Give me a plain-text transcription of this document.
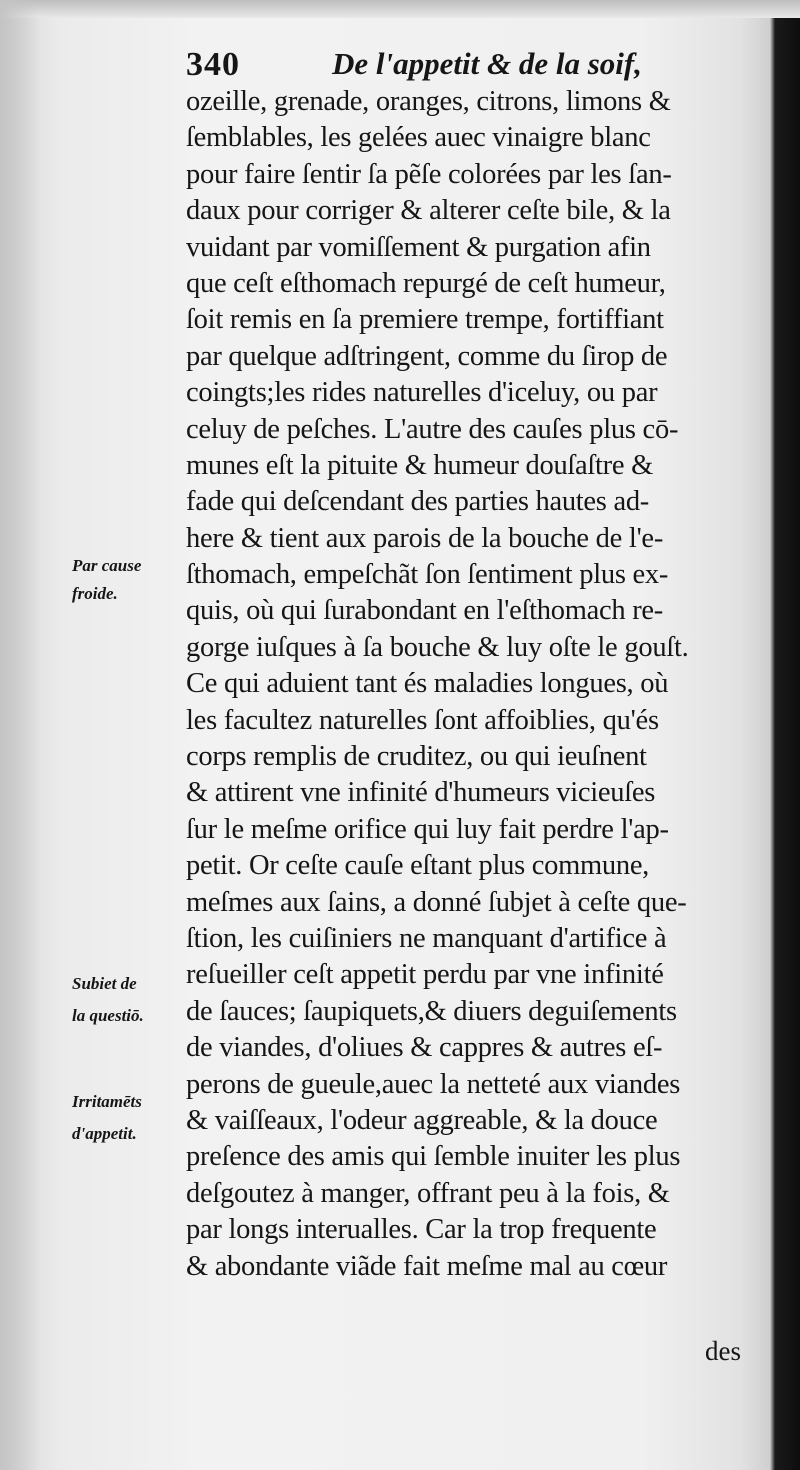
340	De l'appetit & de la soif,
Par cause
froide.
Subiet de
la questiō.
Irritamēts
d'appetit.
ozeille, grenade, oranges, citrons, limons &
ſemblables, les gelées auec vinaigre blanc
pour faire ſentir ſa pẽſe colorées par les ſan-
daux pour corriger & alterer ceſte bile, & la
vuidant par vomiſſement & purgation afin
que ceſt eſthomach repurgé de ceſt humeur,
ſoit remis en ſa premiere trempe, fortiffiant
par quelque adſtringent, comme du ſirop de
coingts;les rides naturelles d'iceluy, ou par
celuy de peſches. L'autre des cauſes plus cō-
munes eſt la pituite & humeur douſaſtre &
fade qui deſcendant des parties hautes ad-
here & tient aux parois de la bouche de l'e-
ſthomach, empeſchãt ſon ſentiment plus ex-
quis, où qui ſurabondant en l'eſthomach re-
gorge iuſques à ſa bouche & luy oſte le gouſt.
Ce qui aduient tant és maladies longues, où
les facultez naturelles ſont affoiblies, qu'és
corps remplis de cruditez, ou qui ieuſnent
& attirent vne infinité d'humeurs vicieuſes
ſur le meſme orifice qui luy fait perdre l'ap-
petit. Or ceſte cauſe eſtant plus commune,
meſmes aux ſains, a donné ſubjet à ceſte que-
ſtion, les cuiſiniers ne manquant d'artifice à
reſueiller ceſt appetit perdu par vne infinité
de ſauces; ſaupiquets,& diuers deguiſements
de viandes, d'oliues & cappres & autres eſ-
perons de gueule,auec la netteté aux viandes
& vaiſſeaux, l'odeur aggreable, & la douce
preſence des amis qui ſemble inuiter les plus
deſgoutez à manger, offrant peu à la fois, &
par longs interualles. Car la trop frequente
& abondante viãde fait meſme mal au cœur
des
